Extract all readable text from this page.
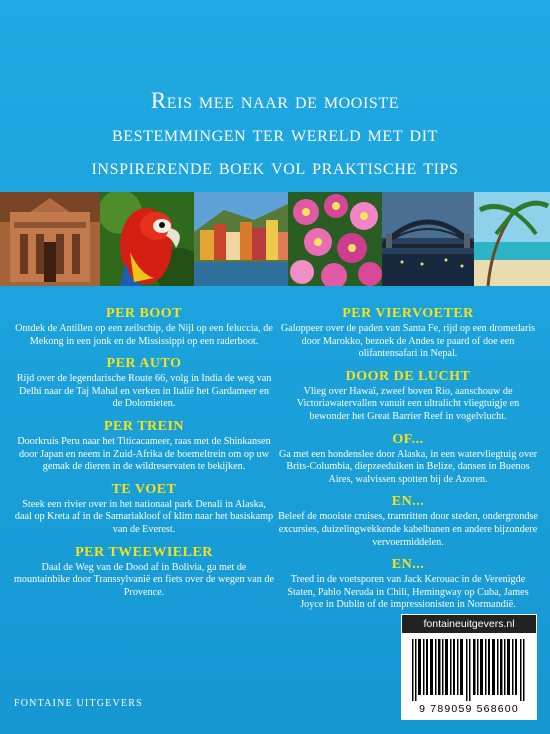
Reis mee naar de mooiste
bestemmingen ter wereld met dit
inspirerende boek vol praktische tips
PER BOOT

Ontdek de Antillen op een zeilschip, de Nijl op een feluccia, de Mekong in een jonk en de Mississippi op een raderboot.

PER AUTO

Rijd over de legendarische Route 66, volg in India de weg van Delhi naar de Taj Mahal en verken in Italië het Gardameer en de Dolomieten.

PER TREIN

Doorkruis Peru naar het Titicacameer, raas met de Shinkansen door Japan en neem in Zuid-Afrika de boemeltrein om op uw gemak de dieren in de wildreservaten te bekijken.

TE VOET

Steek een rivier over in het nationaal park Denali in Alaska, daal op Kreta af in de Samariakloof of klim naar het basiskamp van de Everest.

PER TWEEWIELER

Daal de Weg van de Dood af in Bolivia, ga met de mountainbike door Transsylvanië en fiets over de wegen van de Provence.

PER VIERVOETER

Galoppeer over de paden van Santa Fe, rijd op een dromedaris door Marokko, bezoek de Andes te paard of doe een olifantensafari in Nepal.

DOOR DE LUCHT

Vlieg over Hawaï, zweef boven Rio, aanschouw de Victoriawatervallen vanuit een ultralicht vliegtuigje en bewonder het Great Barrier Reef in vogelvlucht.

OF...

Ga met een hondenslee door Alaska, in een watervliegtuig over Brits-Columbia, diepzeeduiken in Belize, dansen in Buenos Aires, walvissen spotten bij de Azoren.

EN...

Beleef de mooiste cruises, tramritten door steden, ondergrondse excursies, duizelingwekkende kabelbanen en andere bijzondere vervoermiddelen.

EN...

Treed in de voetsporen van Jack Kerouac in de Verenigde Staten, Pablo Neruda in Chili, Hemingway op Cuba, James Joyce in Dublin of de impressionisten in Normandië.

FONTAINE UITGEVERS
fontaineuitgevers.nl
9 789059 568600
